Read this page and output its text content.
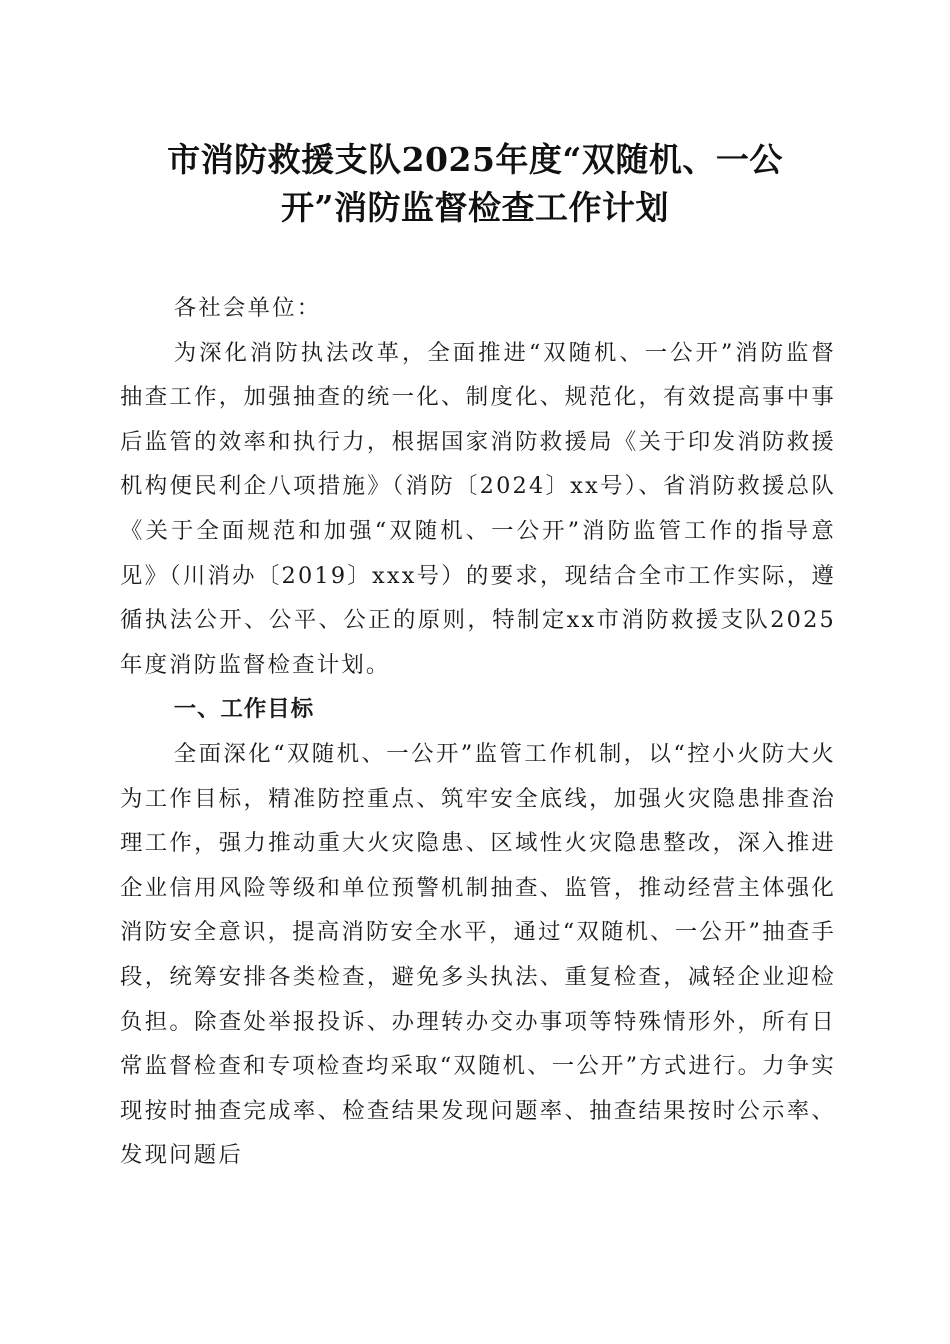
市消防救援支队2025年度“双随机、一公
开”消防监督检查工作计划

各社会单位：

为深化消防执法改革，全面推进“双随机、一公开”消防监督抽查工作，加强抽查的统一化、制度化、规范化，有效提高事中事后监管的效率和执行力，根据国家消防救援局《关于印发消防救援机构便民利企八项措施》（消防〔2024〕xx号）、省消防救援总队《关于全面规范和加强“双随机、一公开”消防监管工作的指导意见》（川消办〔2019〕xxx号）的要求，现结合全市工作实际，遵循执法公开、公平、公正的原则，特制定xx市消防救援支队2025年度消防监督检查计划。

一、工作目标

全面深化“双随机、一公开”监管工作机制，以“控小火防大火为工作目标，精准防控重点、筑牢安全底线，加强火灾隐患排查治理工作，强力推动重大火灾隐患、区域性火灾隐患整改，深入推进企业信用风险等级和单位预警机制抽查、监管，推动经营主体强化消防安全意识，提高消防安全水平，通过“双随机、一公开”抽查手段，统筹安排各类检查，避免多头执法、重复检查，减轻企业迎检负担。除查处举报投诉、办理转办交办事项等特殊情形外，所有日常监督检查和专项检查均采取“双随机、一公开”方式进行。力争实现按时抽查完成率、检查结果发现问题率、抽查结果按时公示率、发现问题后
